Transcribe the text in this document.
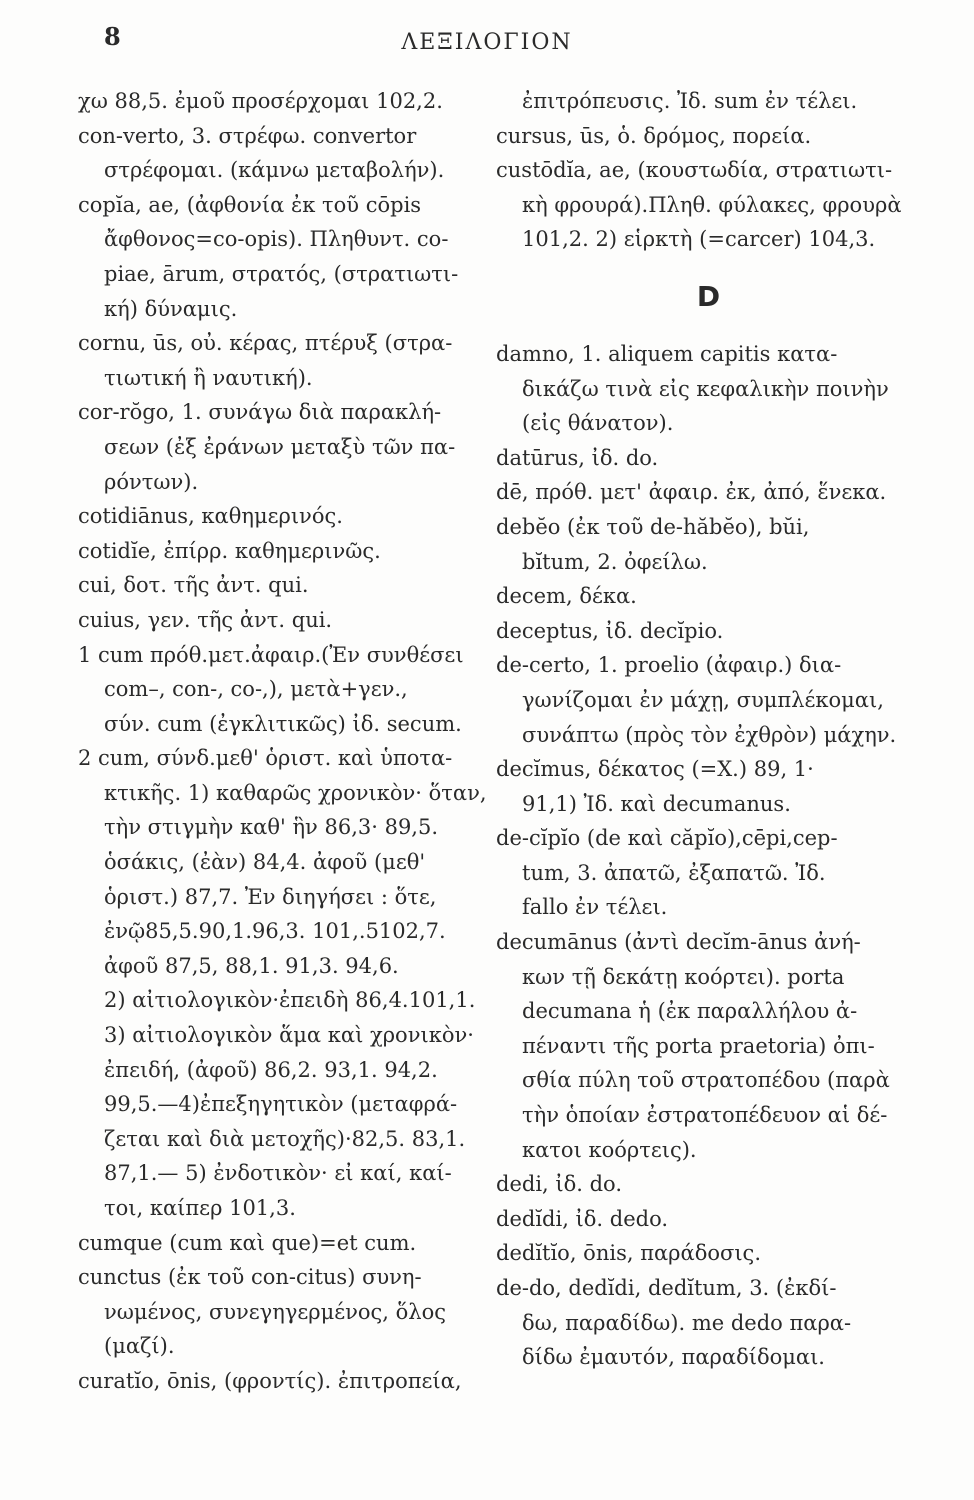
8	ΛΕΞΙΛΟΓΙΟΝ
χω 88,5. ἐμοῦ προσέρχομαι 102,2.
con-verto, 3. στρέφω. convertor
στρέφομαι. (κάμνω μεταβολήν).
copĭa, ae, (ἀφθονία ἐκ τοῦ cōpis
ἄφθονος=co-opis). Πληθυντ. co-
piae, ārum, στρατός, (στρατιωτι-
κή) δύναμις.
cornu, ūs, οὐ. κέρας, πτέρυξ (στρα-
τιωτική ἢ ναυτική).
cor-rŏgo, 1. συνάγω διὰ παρακλή-
σεων (ἐξ ἐράνων μεταξὺ τῶν πα-
ρόντων).
cotidiānus, καθημερινός.
cotidĭe, ἐπίρρ. καθημερινῶς.
cui, δοτ. τῆς ἀντ. qui.
cuius, γεν. τῆς ἀντ. qui.
1 cum πρόθ.μετ.ἀφαιρ.(Ἐν συνθέσει
com–, con-, co-,), μετὰ+γεν.,
σύν. cum (ἐγκλιτικῶς) ἰδ. secum.
2 cum, σύνδ.μεθ' ὁριστ. καὶ ὑποτα-
κτικῆς. 1) καθαρῶς χρονικὸν· ὅταν,
τὴν στιγμὴν καθ' ἣν 86,3· 89,5.
ὁσάκις, (ἐὰν) 84,4. ἀφοῦ (μεθ'
ὁριστ.) 87,7. Ἐν διηγήσει : ὅτε,
ἐνῷ85,5.90,1.96,3. 101,.5102,7.
ἀφοῦ 87,5, 88,1. 91,3. 94,6.
2) αἰτιολογικὸν·ἐπειδὴ 86,4.101,1.
3) αἰτιολογικὸν ἅμα καὶ χρονικὸν·
ἐπειδή, (ἀφοῦ) 86,2. 93,1. 94,2.
99,5.—4)ἐπεξηγητικὸν (μεταφρά-
ζεται καὶ διὰ μετοχῆς)·82,5. 83,1.
87,1.— 5) ἐνδοτικὸν· εἰ καί, καί-
τοι, καίπερ 101,3.
cumque (cum καὶ que)=et cum.
cunctus (ἐκ τοῦ con-citus) συνη-
νωμένος, συνεγηγερμένος, ὅλος
(μαζί).
curatĭo, ōnis, (φροντίς). ἐπιτροπεία,
ἐπιτρόπευσις. Ἰδ. sum ἐν τέλει.
cursus, ūs, ὁ. δρόμος, πορεία.
custōdĭa, ae, (κουστωδία, στρατιωτι-
κὴ φρουρά).Πληθ. φύλακες, φρουρὰ
101,2. 2) εἱρκτὴ (=carcer) 104,3.
D
damno, 1. aliquem capitis κατα-
δικάζω τινὰ εἰς κεφαλικὴν ποινὴν
(εἰς θάνατον).
datūrus, ἰδ. do.
dē, πρόθ. μετ' ἀφαιρ. ἐκ, ἀπό, ἕνεκα.
debĕo (ἐκ τοῦ de-hăbĕo), bŭi,
bĭtum, 2. ὀφείλω.
decem, δέκα.
deceptus, ἰδ. decĭpio.
de-certo, 1. proelio (ἀφαιρ.) δια-
γωνίζομαι ἐν μάχῃ, συμπλέκομαι,
συνάπτω (πρὸς τὸν ἐχθρὸν) μάχην.
decĭmus, δέκατος (=X.) 89, 1·
91,1) Ἰδ. καὶ decumanus.
de-cĭpĭo (de καὶ căpĭo),cēpi,cep-
tum, 3. ἀπατῶ, ἐξαπατῶ. Ἰδ.
fallo ἐν τέλει.
decumānus (ἀντὶ decĭm-ānus ἀνή-
κων τῇ δεκάτῃ κοόρτει). porta
decumana ἡ (ἐκ παραλλήλου ἀ-
πέναντι τῆς porta praetoria) ὀπι-
σθία πύλη τοῦ στρατοπέδου (παρὰ
τὴν ὁποίαν ἐστρατοπέδευον αἱ δέ-
κατοι κοόρτεις).
dedi, ἰδ. do.
dedĭdi, ἰδ. dedo.
dedĭtĭo, ōnis, παράδοσις.
de-do, dedĭdi, dedĭtum, 3. (ἐκδί-
δω, παραδίδω). me dedo παρα-
δίδω ἐμαυτόν, παραδίδομαι.
